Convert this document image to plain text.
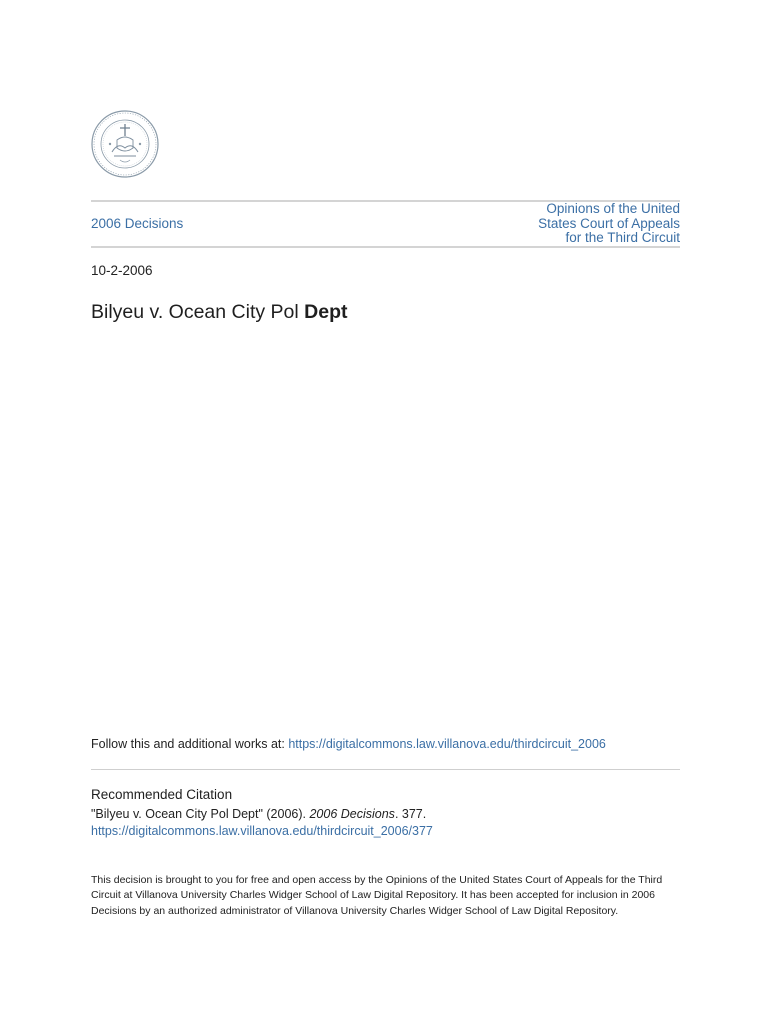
2006 Decisions
Opinions of the United
States Court of Appeals
for the Third Circuit
10-2-2006
Bilyeu v. Ocean City Pol Dept
Follow this and additional works at: https://digitalcommons.law.villanova.edu/thirdcircuit_2006
Recommended Citation
"Bilyeu v. Ocean City Pol Dept" (2006). 2006 Decisions. 377.
https://digitalcommons.law.villanova.edu/thirdcircuit_2006/377
This decision is brought to you for free and open access by the Opinions of the United States Court of Appeals for the Third Circuit at Villanova University Charles Widger School of Law Digital Repository. It has been accepted for inclusion in 2006 Decisions by an authorized administrator of Villanova University Charles Widger School of Law Digital Repository.
